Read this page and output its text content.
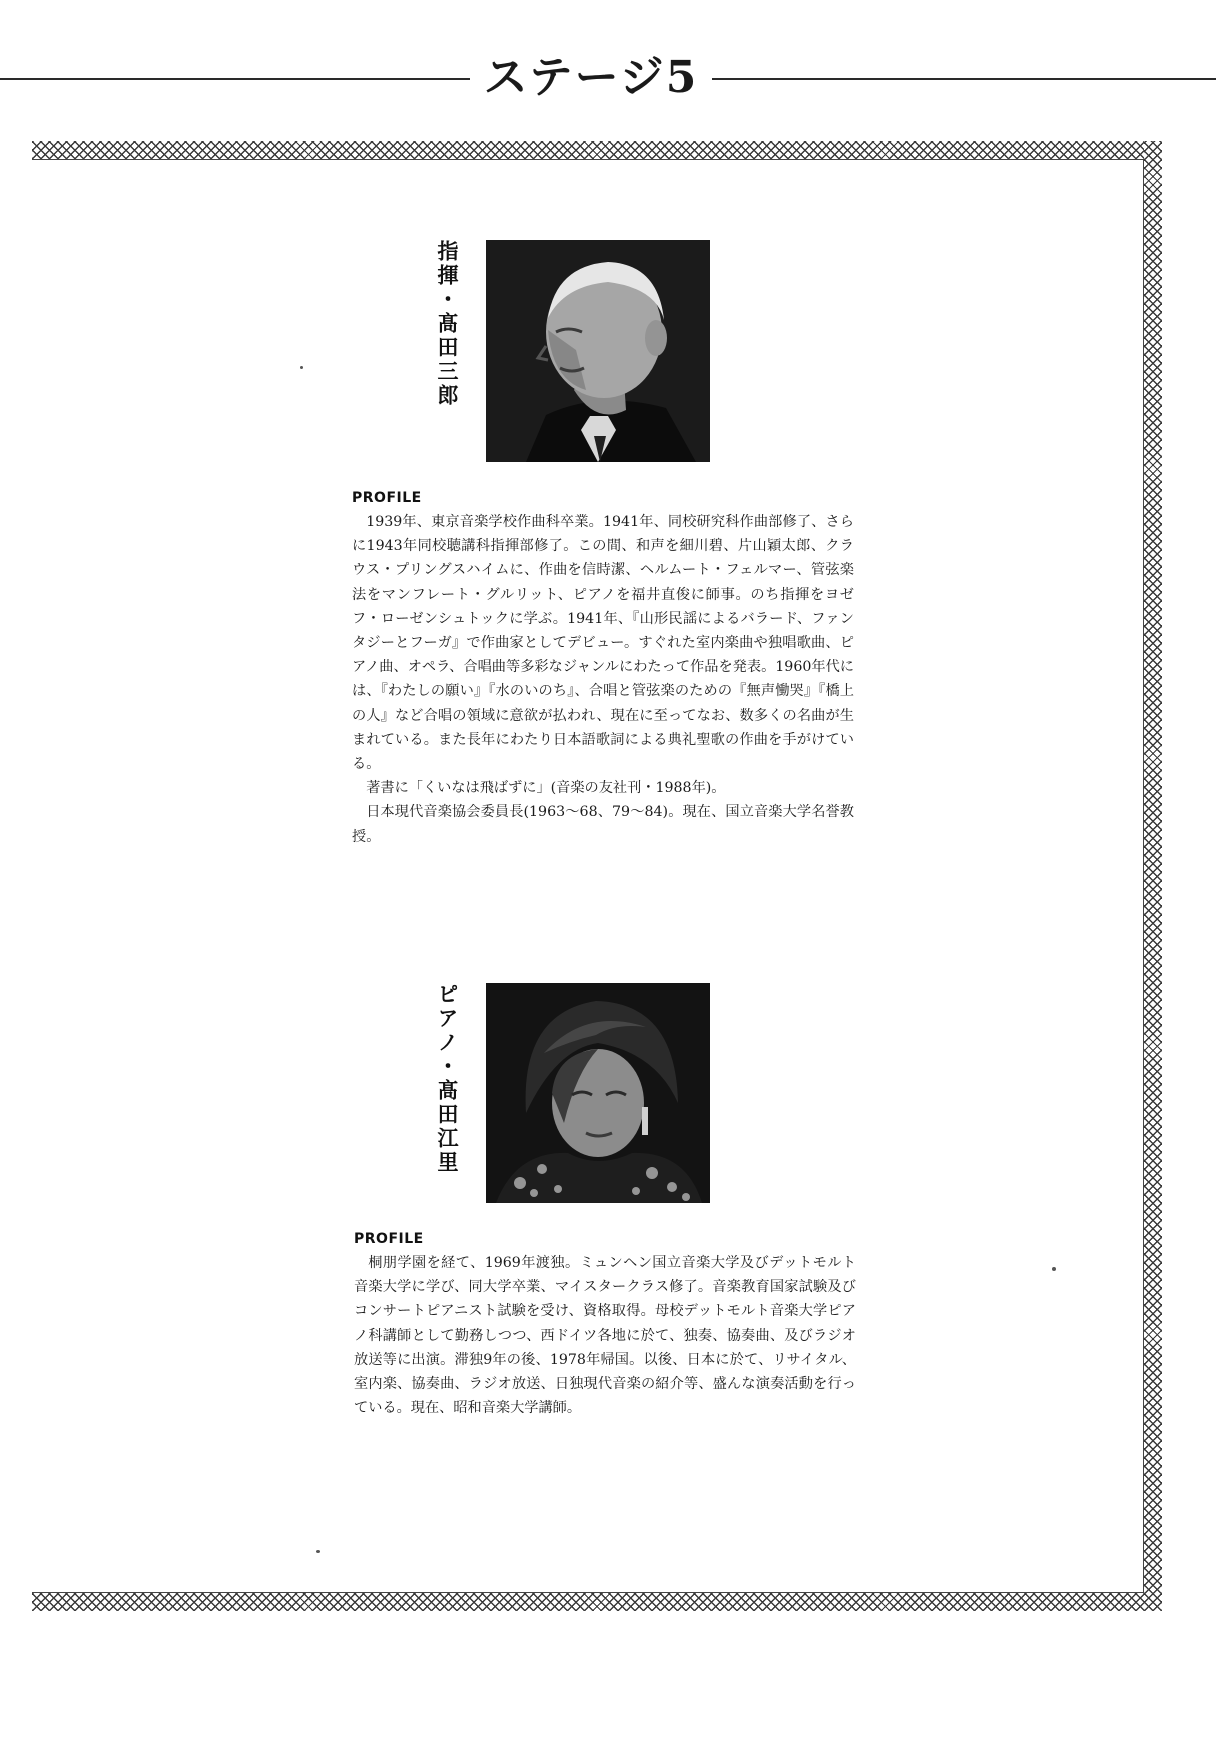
ステージ5
指揮・髙田三郎
PROFILE

1939年、東京音楽学校作曲科卒業。1941年、同校研究科作曲部修了、さらに1943年同校聴講科指揮部修了。この間、和声を細川碧、片山穎太郎、クラウス・プリングスハイムに、作曲を信時潔、ヘルムート・フェルマー、管弦楽法をマンフレート・グルリット、ピアノを福井直俊に師事。のち指揮をヨゼフ・ローゼンシュトックに学ぶ。1941年、『山形民謡によるバラード、ファンタジーとフーガ』で作曲家としてデビュー。すぐれた室内楽曲や独唱歌曲、ピアノ曲、オペラ、合唱曲等多彩なジャンルにわたって作品を発表。1960年代には、『わたしの願い』『水のいのち』、合唱と管弦楽のための『無声慟哭』『橋上の人』など合唱の領域に意欲が払われ、現在に至ってなお、数多くの名曲が生まれている。また長年にわたり日本語歌詞による典礼聖歌の作曲を手がけている。

著書に「くいなは飛ばずに」(音楽の友社刊・1988年)。

日本現代音楽協会委員長(1963〜68、79〜84)。現在、国立音楽大学名誉教授。

ピアノ・髙田江里
PROFILE

桐朋学園を経て、1969年渡独。ミュンヘン国立音楽大学及びデットモルト音楽大学に学び、同大学卒業、マイスタークラス修了。音楽教育国家試験及びコンサートピアニスト試験を受け、資格取得。母校デットモルト音楽大学ピアノ科講師として勤務しつつ、西ドイツ各地に於て、独奏、協奏曲、及びラジオ放送等に出演。滞独9年の後、1978年帰国。以後、日本に於て、リサイタル、室内楽、協奏曲、ラジオ放送、日独現代音楽の紹介等、盛んな演奏活動を行っている。現在、昭和音楽大学講師。
